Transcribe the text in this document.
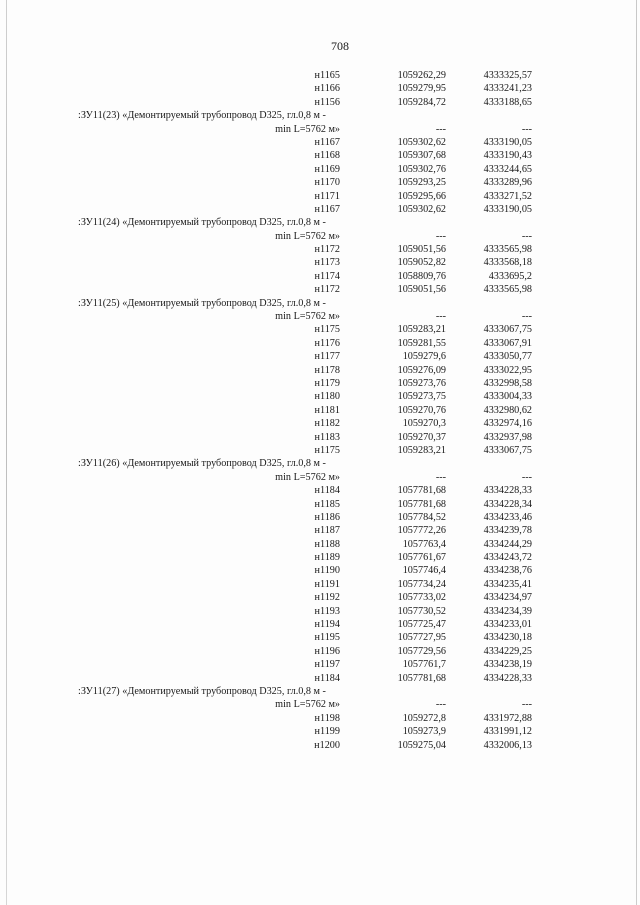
708
н1165	1059262,29	4333325,57
н1166	1059279,95	4333241,23
н1156	1059284,72	4333188,65
:ЗУ11(23) «Демонтируемый трубопровод D325, гл.0,8 м -
min L=5762 м»	---	---
н1167	1059302,62	4333190,05
н1168	1059307,68	4333190,43
н1169	1059302,76	4333244,65
н1170	1059293,25	4333289,96
н1171	1059295,66	4333271,52
н1167	1059302,62	4333190,05
:ЗУ11(24) «Демонтируемый трубопровод D325, гл.0,8 м -
min L=5762 м»	---	---
н1172	1059051,56	4333565,98
н1173	1059052,82	4333568,18
н1174	1058809,76	4333695,2
н1172	1059051,56	4333565,98
:ЗУ11(25) «Демонтируемый трубопровод D325, гл.0,8 м -
min L=5762 м»	---	---
н1175	1059283,21	4333067,75
н1176	1059281,55	4333067,91
н1177	1059279,6	4333050,77
н1178	1059276,09	4333022,95
н1179	1059273,76	4332998,58
н1180	1059273,75	4333004,33
н1181	1059270,76	4332980,62
н1182	1059270,3	4332974,16
н1183	1059270,37	4332937,98
н1175	1059283,21	4333067,75
:ЗУ11(26) «Демонтируемый трубопровод D325, гл.0,8 м -
min L=5762 м»	---	---
н1184	1057781,68	4334228,33
н1185	1057781,68	4334228,34
н1186	1057784,52	4334233,46
н1187	1057772,26	4334239,78
н1188	1057763,4	4334244,29
н1189	1057761,67	4334243,72
н1190	1057746,4	4334238,76
н1191	1057734,24	4334235,41
н1192	1057733,02	4334234,97
н1193	1057730,52	4334234,39
н1194	1057725,47	4334233,01
н1195	1057727,95	4334230,18
н1196	1057729,56	4334229,25
н1197	1057761,7	4334238,19
н1184	1057781,68	4334228,33
:ЗУ11(27) «Демонтируемый трубопровод D325, гл.0,8 м -
min L=5762 м»	---	---
н1198	1059272,8	4331972,88
н1199	1059273,9	4331991,12
н1200	1059275,04	4332006,13
